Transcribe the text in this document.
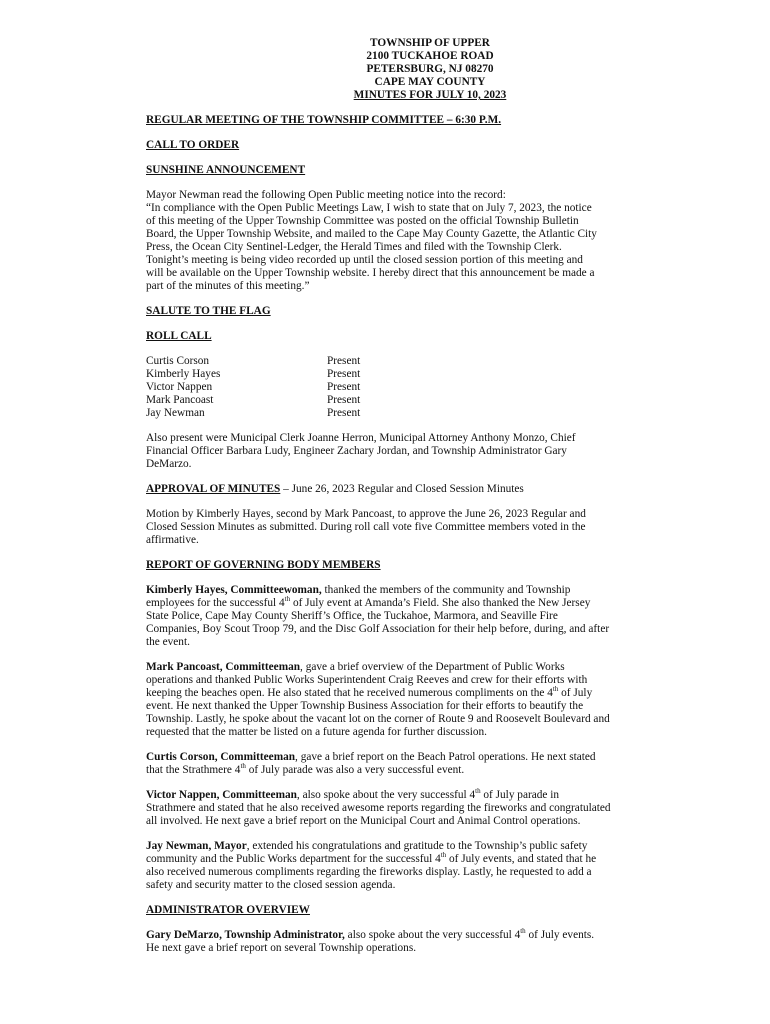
TOWNSHIP OF UPPER
2100 TUCKAHOE ROAD
PETERSBURG, NJ 08270
CAPE MAY COUNTY
MINUTES FOR JULY 10, 2023

REGULAR MEETING OF THE TOWNSHIP COMMITTEE – 6:30 P.M.

CALL TO ORDER

SUNSHINE ANNOUNCEMENT

Mayor Newman read the following Open Public meeting notice into the record:
“In compliance with the Open Public Meetings Law, I wish to state that on July 7, 2023, the notice
of this meeting of the Upper Township Committee was posted on the official Township Bulletin
Board, the Upper Township Website, and mailed to the Cape May County Gazette, the Atlantic City
Press, the Ocean City Sentinel-Ledger, the Herald Times and filed with the Township Clerk.
Tonight’s meeting is being video recorded up until the closed session portion of this meeting and
will be available on the Upper Township website. I hereby direct that this announcement be made a
part of the minutes of this meeting.”

SALUTE TO THE FLAG

ROLL CALL

Curtis Corson	Present
Kimberly Hayes	Present
Victor Nappen	Present
Mark Pancoast	Present
Jay Newman	Present
Also present were Municipal Clerk Joanne Herron, Municipal Attorney Anthony Monzo, Chief
Financial Officer Barbara Ludy, Engineer Zachary Jordan, and Township Administrator Gary
DeMarzo.

APPROVAL OF MINUTES – June 26, 2023 Regular and Closed Session Minutes

Motion by Kimberly Hayes, second by Mark Pancoast, to approve the June 26, 2023 Regular and
Closed Session Minutes as submitted. During roll call vote five Committee members voted in the
affirmative.

REPORT OF GOVERNING BODY MEMBERS

Kimberly Hayes, Committeewoman, thanked the members of the community and Township
employees for the successful 4th of July event at Amanda’s Field. She also thanked the New Jersey
State Police, Cape May County Sheriff’s Office, the Tuckahoe, Marmora, and Seaville Fire
Companies, Boy Scout Troop 79, and the Disc Golf Association for their help before, during, and after
the event.
Mark Pancoast, Committeeman, gave a brief overview of the Department of Public Works
operations and thanked Public Works Superintendent Craig Reeves and crew for their efforts with
keeping the beaches open. He also stated that he received numerous compliments on the 4th of July
event. He next thanked the Upper Township Business Association for their efforts to beautify the
Township. Lastly, he spoke about the vacant lot on the corner of Route 9 and Roosevelt Boulevard and
requested that the matter be listed on a future agenda for further discussion.
Curtis Corson, Committeeman, gave a brief report on the Beach Patrol operations. He next stated
that the Strathmere 4th of July parade was also a very successful event.
Victor Nappen, Committeeman, also spoke about the very successful 4th of July parade in
Strathmere and stated that he also received awesome reports regarding the fireworks and congratulated
all involved. He next gave a brief report on the Municipal Court and Animal Control operations.
Jay Newman, Mayor, extended his congratulations and gratitude to the Township’s public safety
community and the Public Works department for the successful 4th of July events, and stated that he
also received numerous compliments regarding the fireworks display. Lastly, he requested to add a
safety and security matter to the closed session agenda.

ADMINISTRATOR OVERVIEW

Gary DeMarzo, Township Administrator, also spoke about the very successful 4th of July events.
He next gave a brief report on several Township operations.
